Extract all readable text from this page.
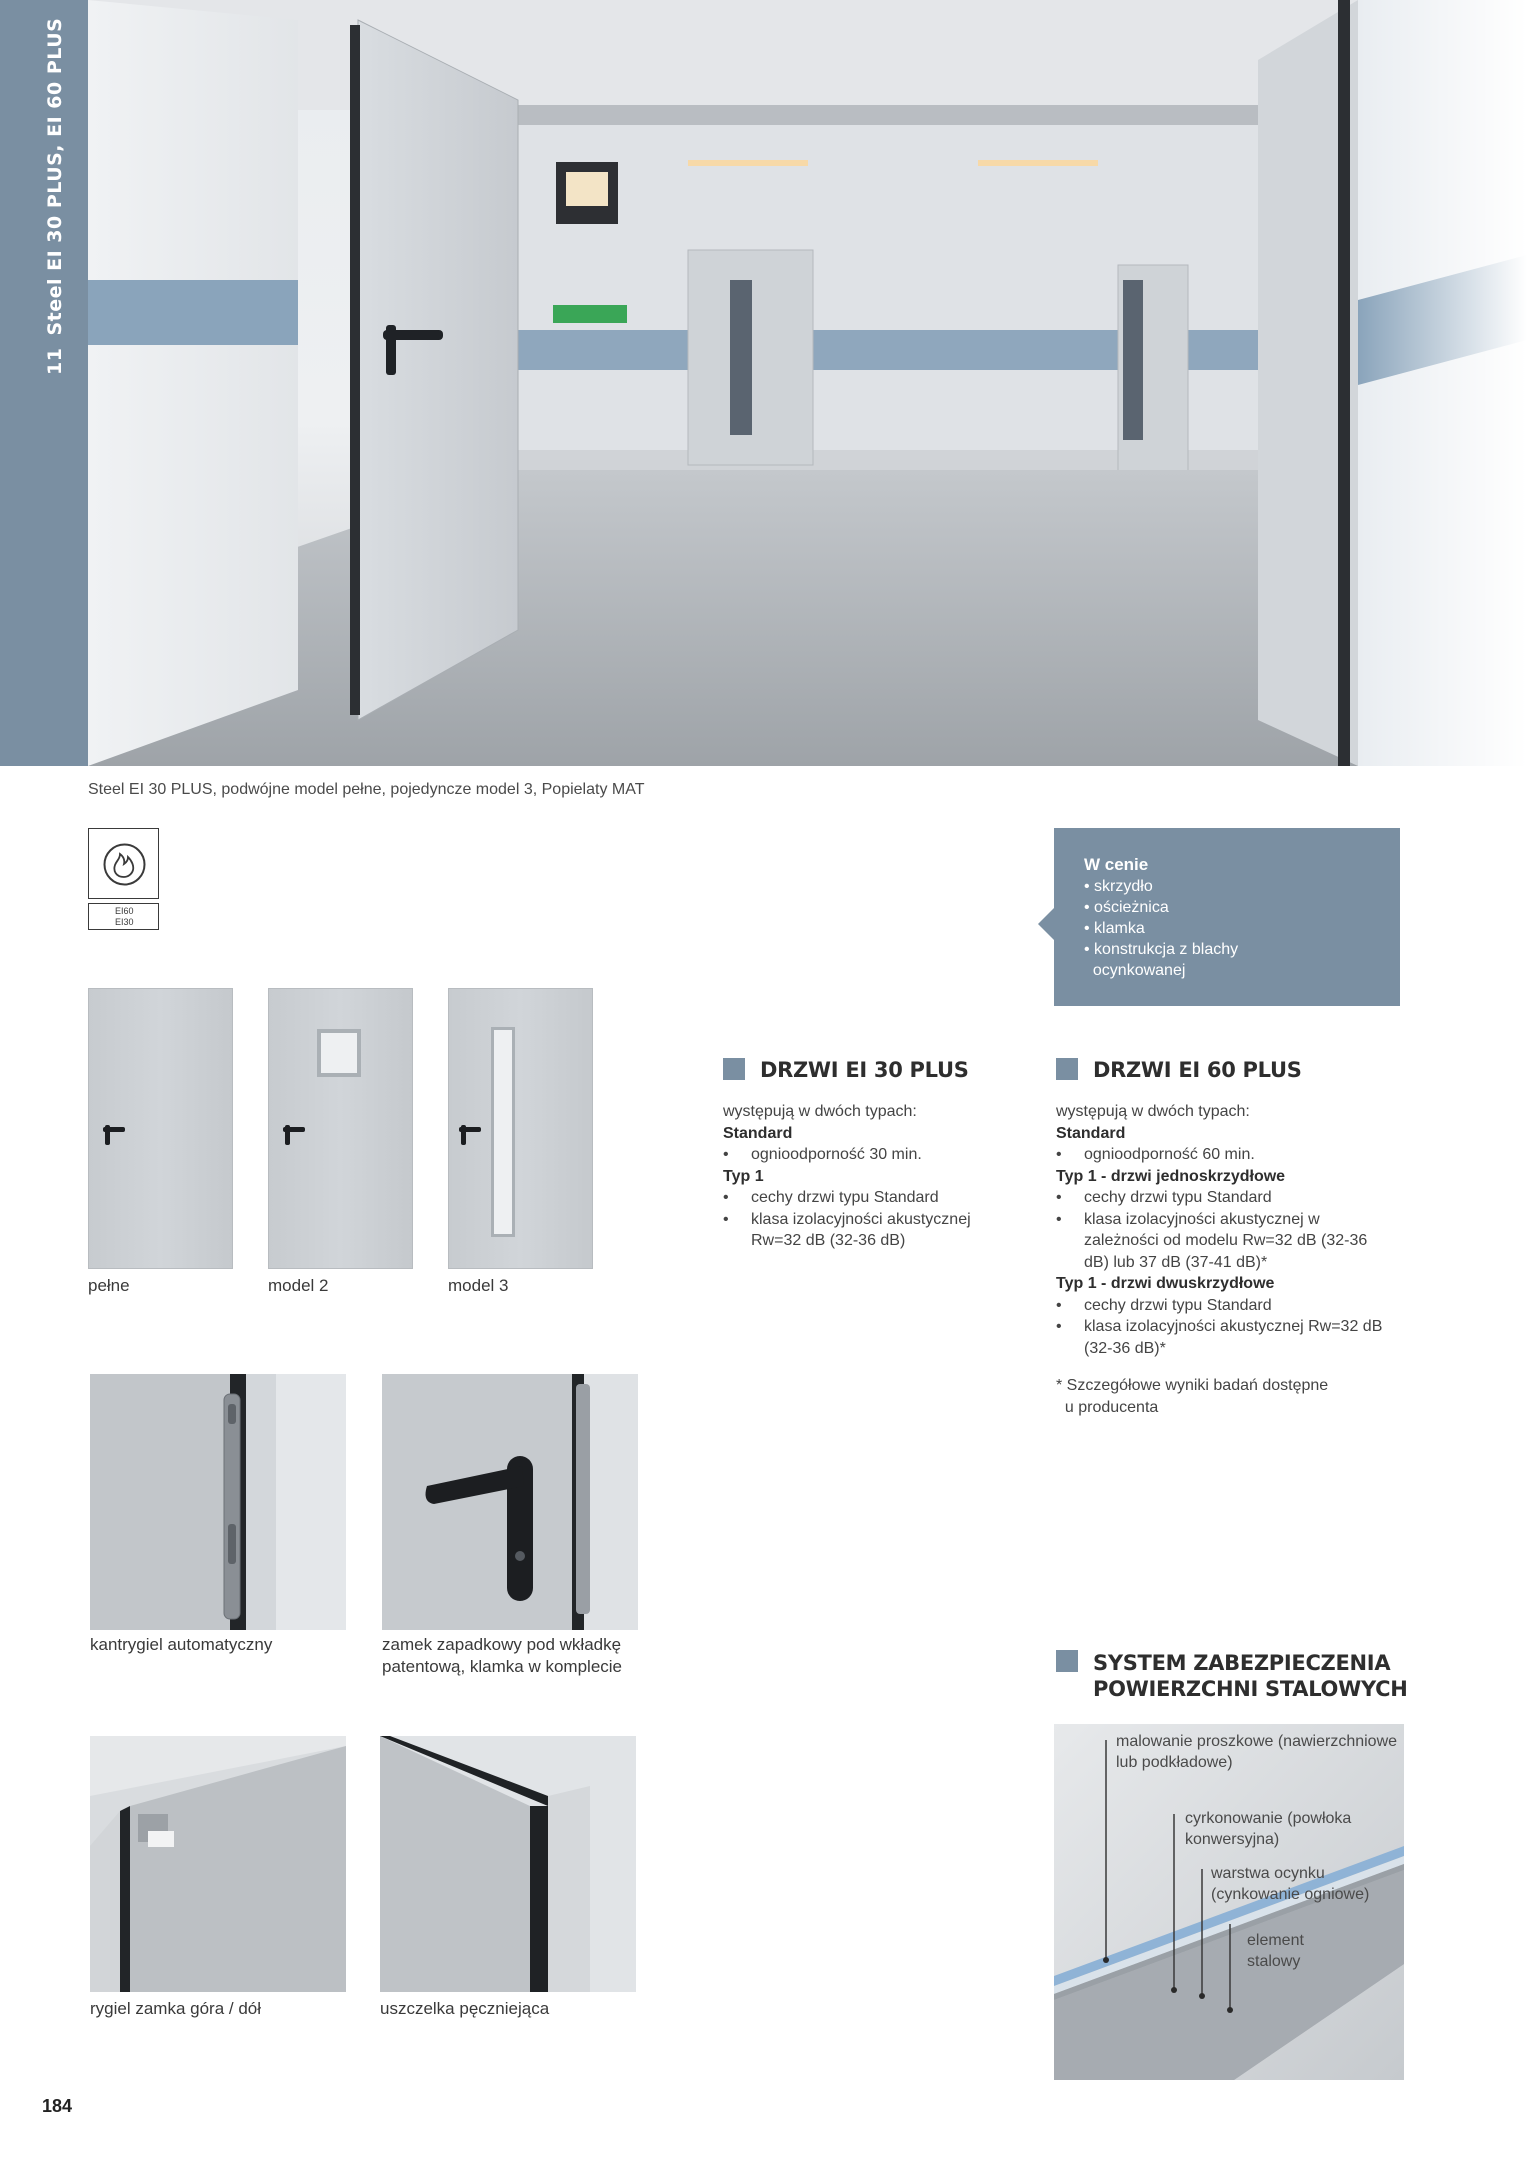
11Steel EI 30 PLUS, EI 60 PLUS
Steel EI 30 PLUS, podwójne model pełne, pojedyncze model 3, Popielaty MAT
EI60
EI30
W cenie
• skrzydło
• ościeżnica
• klamka
• konstrukcja z blachy
ocynkowanej
pełne	model 2	model 3
DRZWI EI 30 PLUS
występują w dwóch typach:
Standard
• ognioodporność 30 min.
Typ 1
• cechy drzwi typu Standard
• klasa izolacyjności akustycznej Rw=32 dB (32-36 dB)
DRZWI EI 60 PLUS
występują w dwóch typach:
Standard
• ognioodporność 60 min.
Typ 1 - drzwi jednoskrzydłowe
• cechy drzwi typu Standard
• klasa izolacyjności akustycznej w zależności od modelu Rw=32 dB (32-36 dB) lub 37 dB (37-41 dB)*
Typ 1 - drzwi dwuskrzydłowe
• cechy drzwi typu Standard
• klasa izolacyjności akustycznej Rw=32 dB (32-36 dB)*
* Szczegółowe wyniki badań dostępne
u producenta
kantrygiel automatyczny	zamek zapadkowy pod wkładkę patentową, klamka w komplecie
rygiel zamka góra / dół	uszczelka pęczniejąca
SYSTEM ZABEZPIECZENIA
POWIERZCHNI STALOWYCH
malowanie proszkowe (nawierzchniowe lub podkładowe)
cyrkonowanie (powłoka konwersyjna)
warstwa ocynku (cynkowanie ogniowe)
element stalowy
184
